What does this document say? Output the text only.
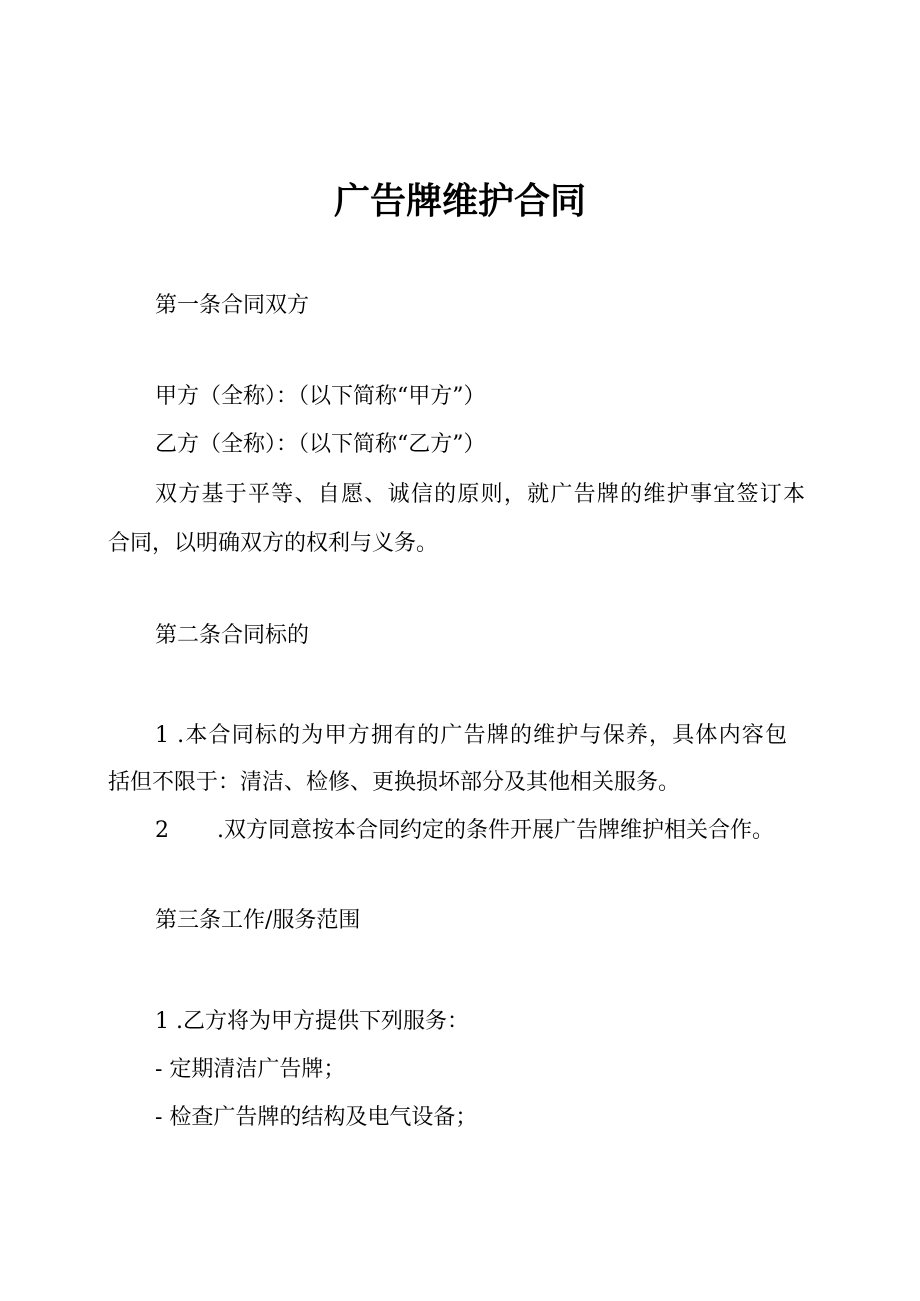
广告牌维护合同
第一条合同双方
甲方（全称）：（以下简称“甲方”）
乙方（全称）：（以下简称“乙方”）
双方基于平等、自愿、诚信的原则，就广告牌的维护事宜签订本
合同，以明确双方的权利与义务。
第二条合同标的
1 .本合同标的为甲方拥有的广告牌的维护与保养，具体内容包
括但不限于：清洁、检修、更换损坏部分及其他相关服务。
2 .双方同意按本合同约定的条件开展广告牌维护相关合作。
第三条工作/服务范围
1 .乙方将为甲方提供下列服务：
- 定期清洁广告牌；
- 检查广告牌的结构及电气设备；
